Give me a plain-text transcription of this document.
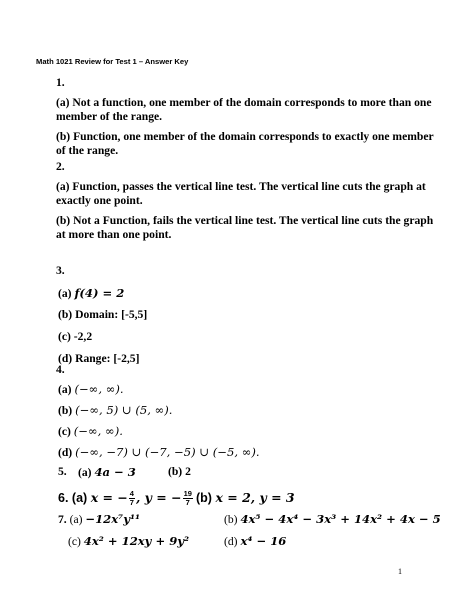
Math 1021 Review for Test 1 – Answer Key
1.
(a) Not a function, one member of the domain corresponds to more than one
member of the range.
(b) Function, one member of the domain corresponds to exactly one member
of the range.
2.
(a) Function, passes the vertical line test. The vertical line cuts the graph at
exactly one point.
(b) Not a Function, fails the vertical line test. The vertical line cuts the graph
at more than one point.
3.
(a) f(4) = 2
(b) Domain: [-5,5]
(c) -2,2
(d) Range: [-2,5]
4.
(a) (−∞, ∞).
(b) (−∞, 5) ∪ (5, ∞).
(c) (−∞, ∞).
(d) (−∞, −7) ∪ (−7, −5) ∪ (−5, ∞).
5. (a) 4a − 3	(b) 2
6. (a) x = − $\frac{4}{7}$ , y = − $\frac{19}{7} (b) x = 2$, y = 3
7. (a) −12x⁷y¹¹	(b) 4x⁵ − 4x⁴ − 3x³ + 14x² + 4x − 5
(c) 4x² + 12xy + 9y²	(d) x⁴ − 16
1
